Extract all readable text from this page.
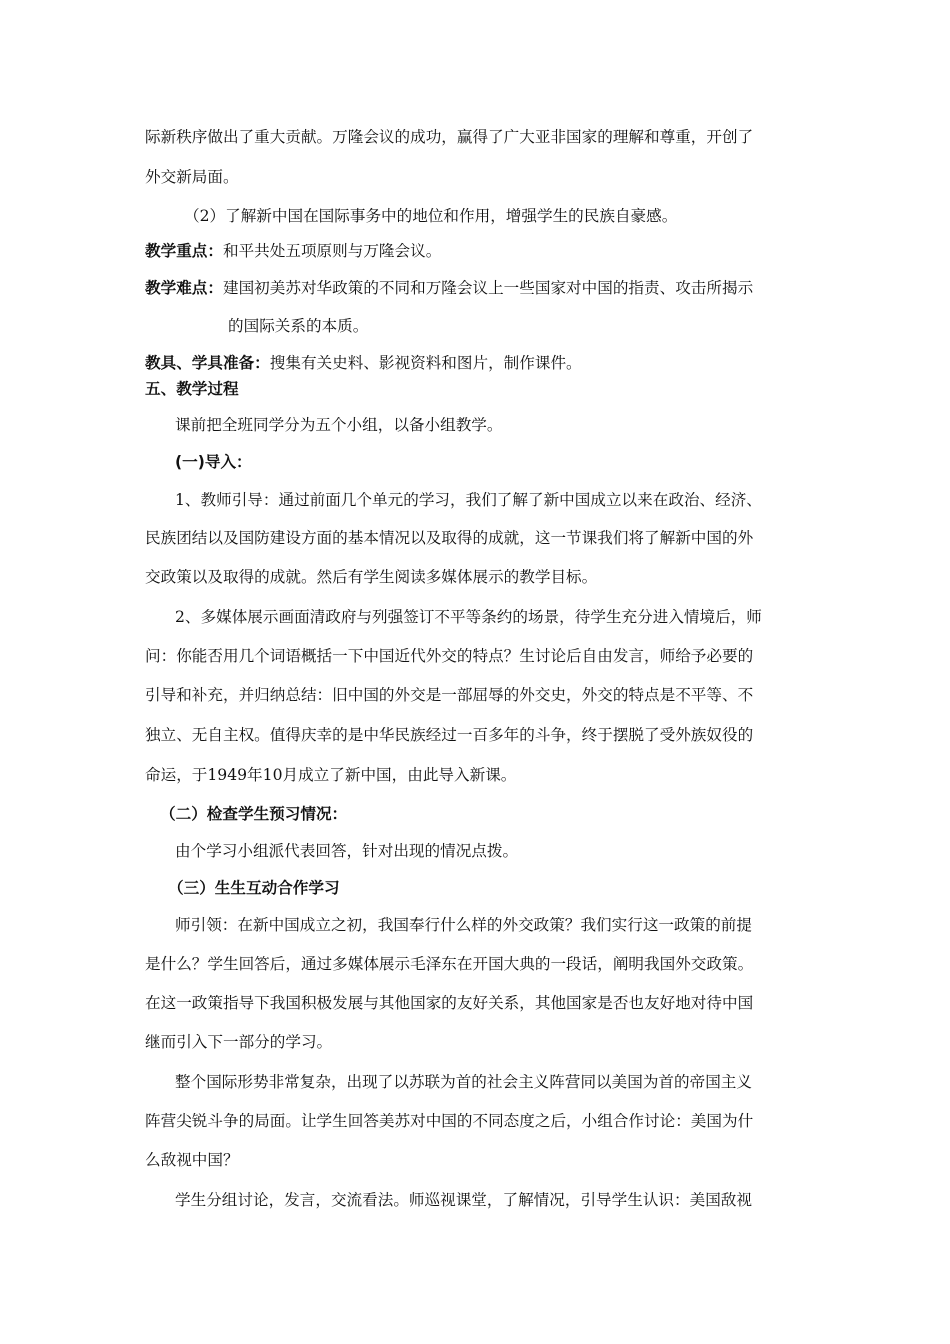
际新秩序做出了重大贡献。万隆会议的成功，赢得了广大亚非国家的理解和尊重，开创了
外交新局面。
（2）了解新中国在国际事务中的地位和作用，增强学生的民族自豪感。
教学重点：和平共处五项原则与万隆会议。
教学难点：建国初美苏对华政策的不同和万隆会议上一些国家对中国的指责、攻击所揭示
的国际关系的本质。
教具、学具准备：搜集有关史料、影视资料和图片，制作课件。
五、教学过程
课前把全班同学分为五个小组，以备小组教学。
(一)导入：
1、教师引导：通过前面几个单元的学习，我们了解了新中国成立以来在政治、经济、
民族团结以及国防建设方面的基本情况以及取得的成就，这一节课我们将了解新中国的外
交政策以及取得的成就。然后有学生阅读多媒体展示的教学目标。
2、多媒体展示画面清政府与列强签订不平等条约的场景，待学生充分进入情境后，师
问：你能否用几个词语概括一下中国近代外交的特点？生讨论后自由发言，师给予必要的
引导和补充，并归纳总结：旧中国的外交是一部屈辱的外交史，外交的特点是不平等、不
独立、无自主权。值得庆幸的是中华民族经过一百多年的斗争，终于摆脱了受外族奴役的
命运，于1949年10月成立了新中国，由此导入新课。
（二）检查学生预习情况：
由个学习小组派代表回答，针对出现的情况点拨。
（三）生生互动合作学习
师引领：在新中国成立之初，我国奉行什么样的外交政策？我们实行这一政策的前提
是什么？学生回答后，通过多媒体展示毛泽东在开国大典的一段话，阐明我国外交政策。
在这一政策指导下我国积极发展与其他国家的友好关系，其他国家是否也友好地对待中国
继而引入下一部分的学习。
整个国际形势非常复杂，出现了以苏联为首的社会主义阵营同以美国为首的帝国主义
阵营尖锐斗争的局面。让学生回答美苏对中国的不同态度之后，小组合作讨论：美国为什
么敌视中国？
学生分组讨论，发言，交流看法。师巡视课堂，了解情况，引导学生认识：美国敌视
